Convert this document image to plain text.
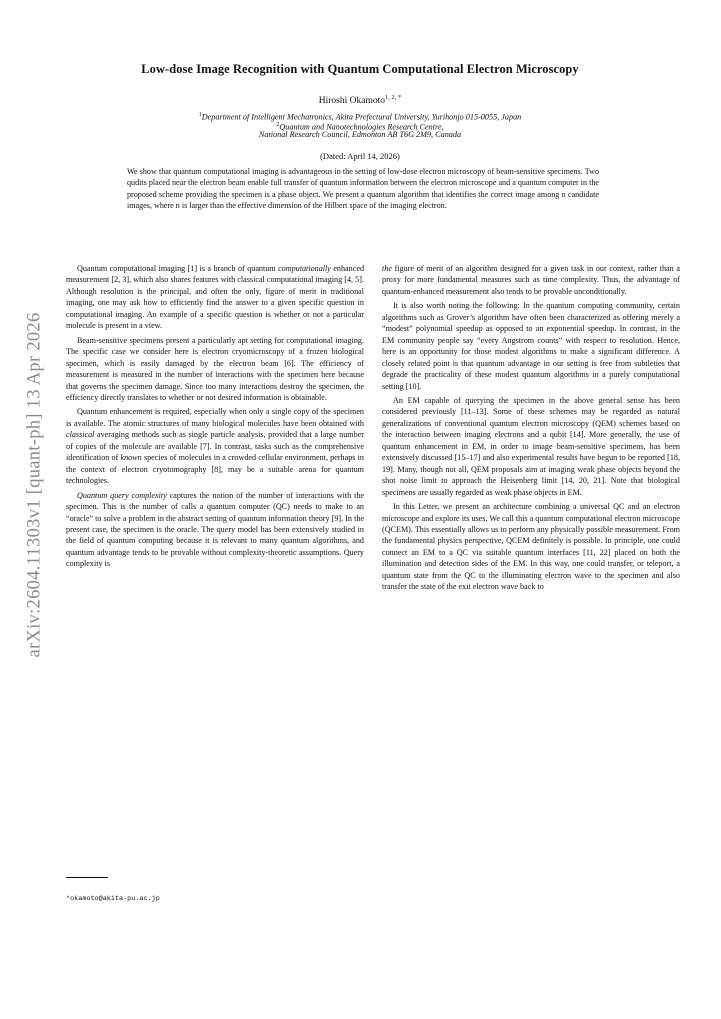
Low-dose Image Recognition with Quantum Computational Electron Microscopy
Hiroshi Okamoto$^{1, 2, *}$
$^1$Department of Intelligent Mechatronics, Akita Prefectural University, Yurihonjo 015-0055, Japan
$^2$Quantum and Nanotechnologies Research Centre,
National Research Council, Edmonton AB T6G 2M9, Canada
(Dated: April 14, 2026)
We show that quantum computational imaging is advantageous in the setting of low-dose electron microscopy of beam-sensitive specimens. Two qudits placed near the electron beam enable full transfer of quantum information between the electron microscope and a quantum computer in the proposed scheme providing the specimen is a phase object. We present a quantum algorithm that identifies the correct image among n candidate images, where n is larger than the effective dimension of the Hilbert space of the imaging electron.
arXiv:2604.11303v1 [quant-ph] 13 Apr 2026

Quantum computational imaging [1] is a branch of quantum computationally enhanced measurement [2, 3], which also shares features with classical computational imaging [4, 5]. Although resolution is the principal, and often the only, figure of merit in traditional imaging, one may ask how to efficiently find the answer to a given specific question in computational imaging. An example of a specific question is whether or not a particular molecule is present in a view.

Beam-sensitive specimens present a particularly apt setting for computational imaging. The specific case we consider here is electron cryomicroscopy of a frozen biological specimen, which is easily damaged by the electron beam [6]. The efficiency of measurement is measured in the number of interactions with the specimen here because that governs the specimen damage. Since too many interactions destroy the specimen, the efficiency directly translates to whether or not desired information is obtainable.

Quantum enhancement is required, especially when only a single copy of the specimen is available. The atomic structures of many biological molecules have been obtained with classical averaging methods such as single particle analysis, provided that a large number of copies of the molecule are available [7]. In contrast, tasks such as the comprehensive identification of known species of molecules in a crowded cellular environment, perhaps in the context of electron cryotomography [8], may be a suitable arena for quantum technologies.

Quantum query complexity captures the notion of the number of interactions with the specimen. This is the number of calls a quantum computer (QC) needs to make to an “oracle” to solve a problem in the abstract setting of quantum information theory [9]. In the present case, the specimen is the oracle. The query model has been extensively studied in the field of quantum computing because it is relevant to many quantum algorithms, and quantum advantage tends to be provable without complexity-theoretic assumptions. Query complexity is

the figure of merit of an algorithm designed for a given task in our context, rather than a proxy for more fundamental measures such as time complexity. Thus, the advantage of quantum-enhanced measurement also tends to be provable unconditionally.

It is also worth noting the following: In the quantum computing community, certain algorithms such as Grover’s algorithm have often been characterized as offering merely a “modest” polynomial speedup as opposed to an exponential speedup. In contrast, in the EM community people say “every Angstrom counts” with respect to resolution. Hence, here is an opportunity for those modest algorithms to make a significant difference. A closely related point is that quantum advantage in our setting is free from subtleties that degrade the practicality of these modest quantum algorithms in a purely computational setting [10].

An EM capable of querying the specimen in the above general sense has been considered previously [11–13]. Some of these schemes may be regarded as natural generalizations of conventional quantum electron microscopy (QEM) schemes based on the interaction between imaging electrons and a qubit [14]. More generally, the use of quantum enhancement in EM, in order to image beam-sensitive specimens, has been extensively discussed [15–17] and also experimental results have begun to be reported [18, 19]. Many, though not all, QEM proposals aim at imaging weak phase objects beyond the shot noise limit to approach the Heisenberg limit [14, 20, 21]. Note that biological specimens are usually regarded as weak phase objects in EM.

In this Letter, we present an architecture combining a universal QC and an electron microscope and explore its uses. We call this a quantum computational electron microscope (QCEM). This essentially allows us to perform any physically possible measurement. From the fundamental physics perspective, QCEM definitely is possible. In principle, one could connect an EM to a QC via suitable quantum interfaces [11, 22] placed on both the illumination and detection sides of the EM. In this way, one could transfer, or teleport, a quantum state from the QC to the illuminating electron wave to the specimen and also transfer the state of the exit electron wave back to

*okamoto@akita-pu.ac.jp
